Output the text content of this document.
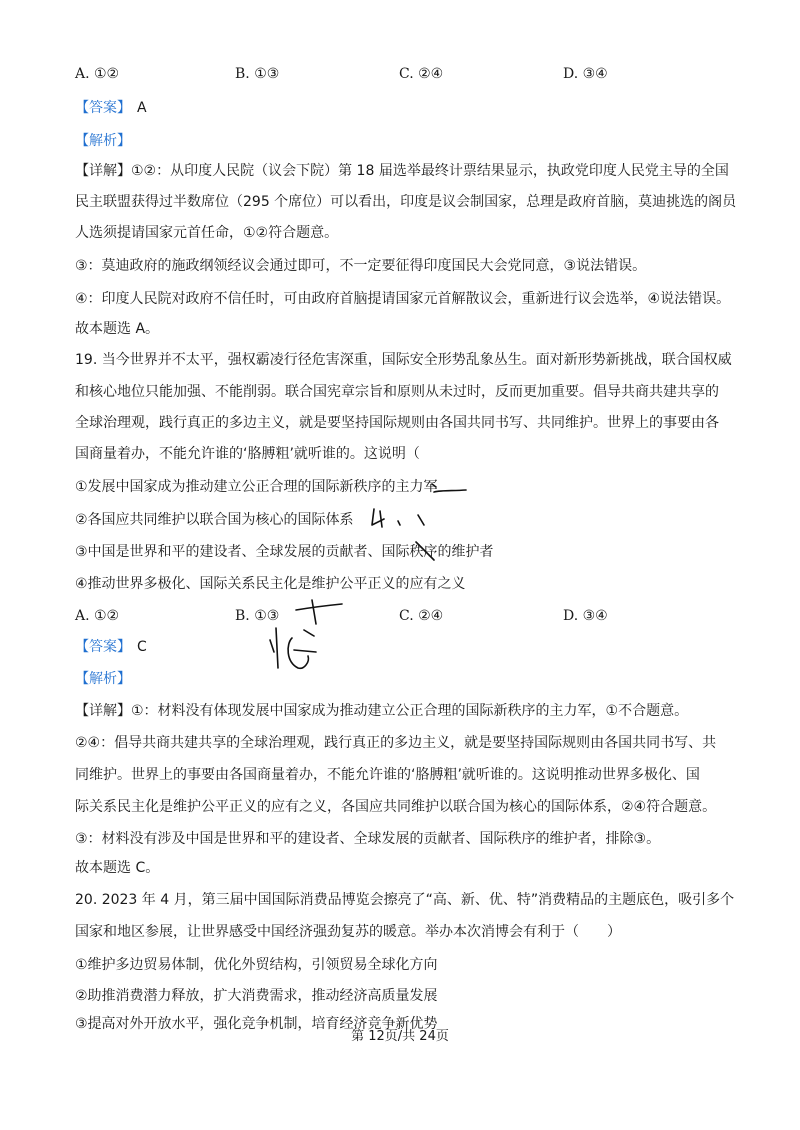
A. ①②	B. ①③	C. ②④	D. ③④
【答案】 A
【解析】
【详解】①②：从印度人民院（议会下院）第 18 届选举最终计票结果显示，执政党印度人民党主导的全国
民主联盟获得过半数席位（295 个席位）可以看出，印度是议会制国家，总理是政府首脑，莫迪挑选的阁员
人选须提请国家元首任命，①②符合题意。
③：莫迪政府的施政纲领经议会通过即可，不一定要征得印度国民大会党同意，③说法错误。
④：印度人民院对政府不信任时，可由政府首脑提请国家元首解散议会，重新进行议会选举，④说法错误。
故本题选 A。
19. 当今世界并不太平，强权霸凌行径危害深重，国际安全形势乱象丛生。面对新形势新挑战，联合国权威
和核心地位只能加强、不能削弱。联合国宪章宗旨和原则从未过时，反而更加重要。倡导共商共建共享的
全球治理观，践行真正的多边主义，就是要坚持国际规则由各国共同书写、共同维护。世界上的事要由各
国商量着办，不能允许谁的‘胳膊粗’就听谁的。这说明（
①发展中国家成为推动建立公正合理的国际新秩序的主力军
②各国应共同维护以联合国为核心的国际体系
③中国是世界和平的建设者、全球发展的贡献者、国际秩序的维护者
④推动世界多极化、国际关系民主化是维护公平正义的应有之义
A. ①②	B. ①③	C. ②④	D. ③④
【答案】 C
【解析】
【详解】①：材料没有体现发展中国家成为推动建立公正合理的国际新秩序的主力军，①不合题意。
②④：倡导共商共建共享的全球治理观，践行真正的多边主义，就是要坚持国际规则由各国共同书写、共
同维护。世界上的事要由各国商量着办，不能允许谁的‘胳膊粗’就听谁的。这说明推动世界多极化、国
际关系民主化是维护公平正义的应有之义，各国应共同维护以联合国为核心的国际体系，②④符合题意。
③：材料没有涉及中国是世界和平的建设者、全球发展的贡献者、国际秩序的维护者，排除③。
故本题选 C。
20. 2023 年 4 月，第三届中国国际消费品博览会擦亮了“高、新、优、特”消费精品的主题底色，吸引多个
国家和地区参展，让世界感受中国经济强劲复苏的暖意。举办本次消博会有利于（　　）
①维护多边贸易体制，优化外贸结构，引领贸易全球化方向
②助推消费潜力释放，扩大消费需求，推动经济高质量发展
③提高对外开放水平，强化竞争机制，培育经济竞争新优势
第 12页/共 24页
